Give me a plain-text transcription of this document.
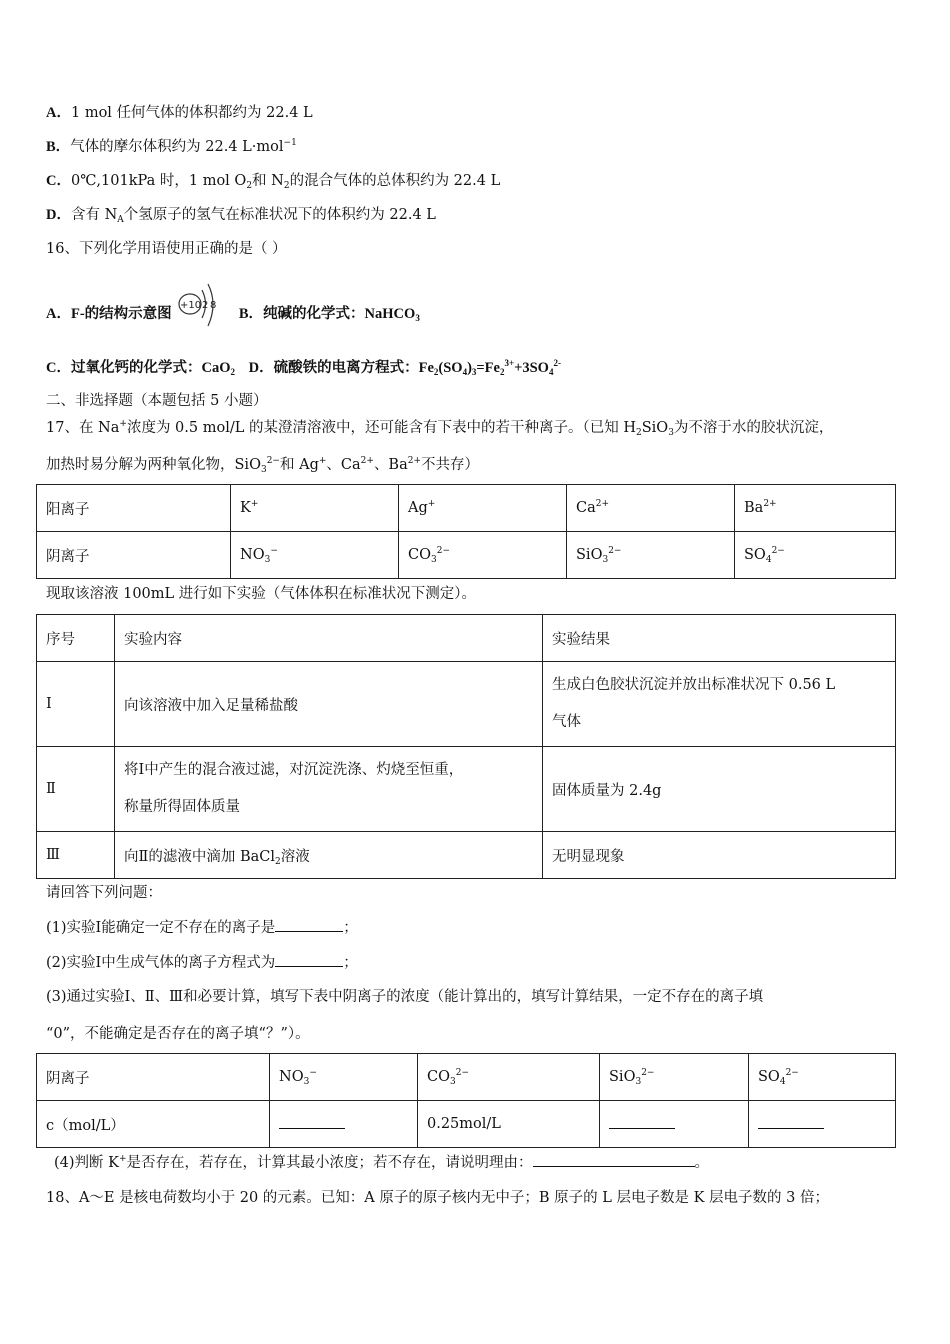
A．1 mol 任何气体的体积都约为 22.4 L
B．气体的摩尔体积约为 22.4 L·mol$^{-1}$
C．0℃,101kPa 时，1 mol $O_2$和 $N_2$的混合气体的总体积约为 22.4 L
D．含有 $N_A$个氢原子的氢气在标准状况下的体积约为 22.4 L
16、下列化学用语使用正确的是（ ）
A．F-的结构示意图
+10 2 8
B．纯碱的化学式：NaHCO$_3$
C．过氧化钙的化学式：CaO$_2$ D．硫酸铁的电离方程式：$Fe_2(SO_4)_3=Fe_2^{3+}+3SO_4^{2-}$
二、非选择题（本题包括 5 小题）
17、在 Na+浓度为 0.5 mol/L 的某澄清溶液中，还可能含有下表中的若干种离子。（已知 $H_2SiO_3$为不溶于水的胶状沉淀，
加热时易分解为两种氧化物，SiO$_3^{2-}$和 Ag+、$Ca^{2+}$、$Ba^{2+}$不共存）
阳离子	K+	Ag+	$Ca^{2+}$	$Ba^{2+}$
阴离子	$NO_3^-$	$CO_3^{2-}$	SiO$_3^{2-}$	$SO_4^{2-}$
现取该溶液 100mL 进行如下实验（气体体积在标准状况下测定）。
序号	实验内容	实验结果
Ⅰ	向该溶液中加入足量稀盐酸	生成白色胶状沉淀并放出标准状况下 0.56 L
气体

Ⅱ	将Ⅰ中产生的混合液过滤，对沉淀洗涤、灼烧至恒重，
称量所得固体质量	固体质量为 2.4g
Ⅲ	向Ⅱ的滤液中滴加 BaCl$_2$溶液	无明显现象
请回答下列问题：
(1)实验Ⅰ能确定一定不存在的离子是	；
(2)实验Ⅰ中生成气体的离子方程式为	；
(3)通过实验Ⅰ、Ⅱ、Ⅲ和必要计算，填写下表中阴离子的浓度（能计算出的，填写计算结果，一定不存在的离子填
“0”，不能确定是否存在的离子填“？”）。
阴离子	$NO_3^-$	$CO_3^{2-}$	SiO$_3^{2-}$	$SO_4^{2-}$
c（mol/L）		0.25mol/L		
(4)判断 K+是否存在，若存在，计算其最小浓度；若不存在，请说明理由：	。
18、A～E 是核电荷数均小于 20 的元素。已知：A 原子的原子核内无中子；B 原子的 L 层电子数是 K 层电子数的 3 倍；
